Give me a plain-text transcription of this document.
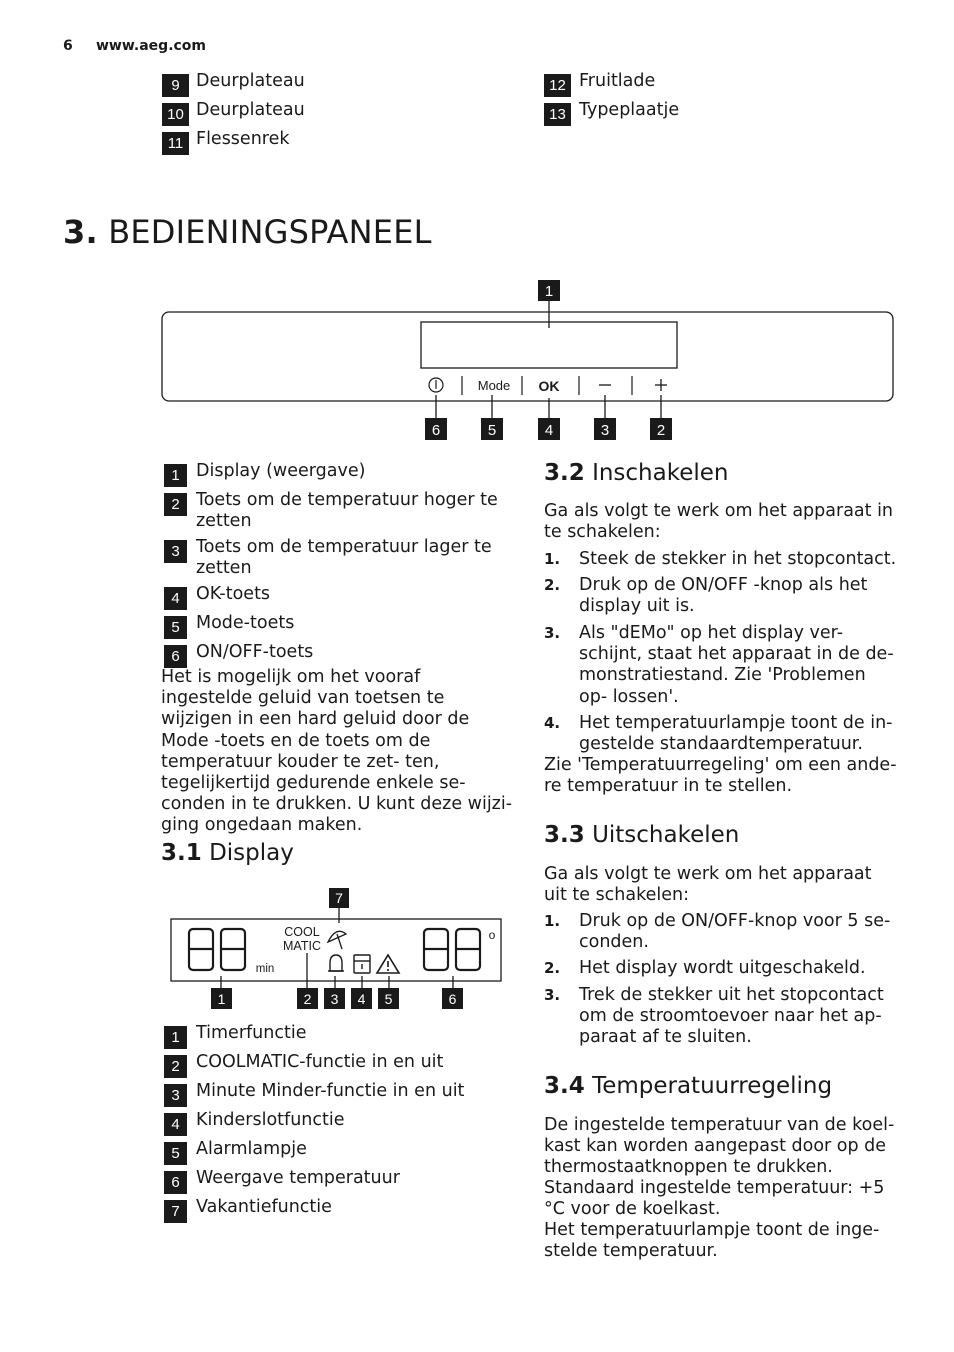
6 www.aeg.com
9 Deurplateau
10 Deurplateau
11 Flessenrek
12 Fruitlade
13 Typeplaatje
3. BEDIENINGSPANEEL
1
Mode OK
6	5	4	3	2
1 Display (weergave)
2 Toets om de temperatuur hoger te zetten
3 Toets om de temperatuur lager te zetten
4 OK-toets
5 Mode-toets
6 ON/OFF-toets
Het is mogelijk om het vooraf ingestelde geluid van toetsen te wijzigen in een hard geluid door de Mode -toets en de toets om de temperatuur kouder te zet- ten, tegelijkertijd gedurende enkele se- conden in te drukken. U kunt deze wijzi- ging ongedaan maken.
3.1 Display
min
COOL
MATIC
o
7
1	2 3 4 5	6
1 Timerfunctie
2 COOLMATIC-functie in en uit
3 Minute Minder-functie in en uit
4 Kinderslotfunctie
5 Alarmlampje
6 Weergave temperatuur
7 Vakantiefunctie
3.2 Inschakelen
Ga als volgt te werk om het apparaat in te schakelen:
1. Steek de stekker in het stopcontact.
2. Druk op de ON/OFF -knop als het display uit is.
3. Als "dEMo" op het display ver- schijnt, staat het apparaat in de de- monstratiestand. Zie 'Problemen op- lossen'.
4. Het temperatuurlampje toont de in- gestelde standaardtemperatuur.
Zie 'Temperatuurregeling' om een ande- re temperatuur in te stellen.
3.3 Uitschakelen
Ga als volgt te werk om het apparaat uit te schakelen:
1. Druk op de ON/OFF-knop voor 5 se- conden.
2. Het display wordt uitgeschakeld.
3. Trek de stekker uit het stopcontact om de stroomtoevoer naar het ap- paraat af te sluiten.
3.4 Temperatuurregeling
De ingestelde temperatuur van de koel- kast kan worden aangepast door op de thermostaatknoppen te drukken.
Standaard ingestelde temperatuur: +5 °C voor de koelkast.
Het temperatuurlampje toont de inge- stelde temperatuur.
